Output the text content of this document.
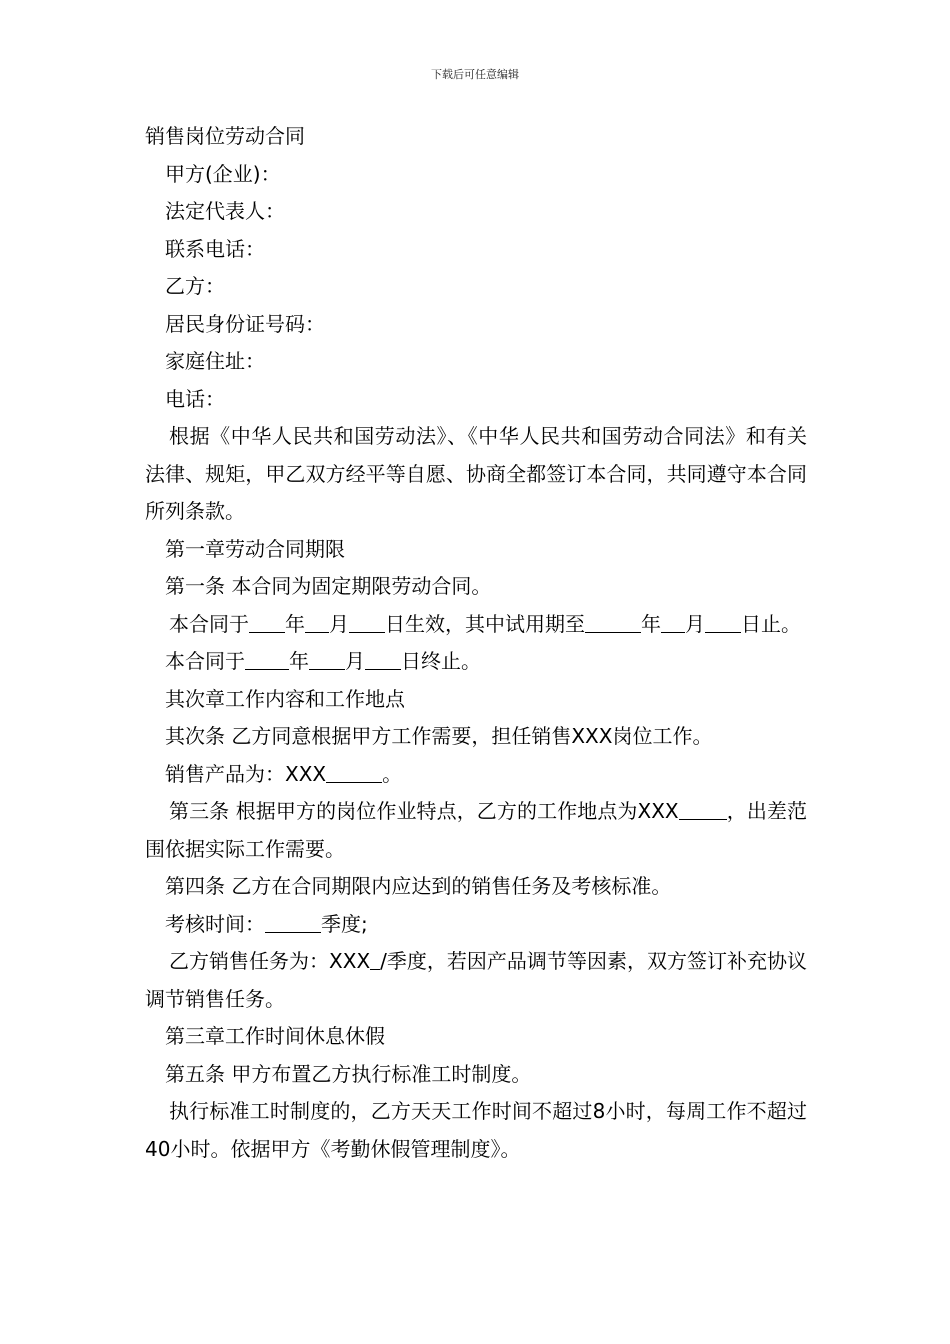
下载后可任意编辑
销售岗位劳动合同
甲方(企业)：
法定代表人：
联系电话：
乙方：
居民身份证号码：
家庭住址：
电话：
根据《中华人民共和国劳动法》、《中华人民共和国劳动合同法》和有关法律、规矩，甲乙双方经平等自愿、协商全都签订本合同，共同遵守本合同所列条款。
第一章劳动合同期限
第一条 本合同为固定期限劳动合同。
本合同于 年 月 日生效，其中试用期至	年 月 日止。
本合同于 年 月 日终止。
其次章工作内容和工作地点
其次条 乙方同意根据甲方工作需要，担任销售XXX岗位工作。
销售产品为：XXX	。
第三条 根据甲方的岗位作业特点，乙方的工作地点为XXX ，出差范围依据实际工作需要。
第四条 乙方在合同期限内应达到的销售任务及考核标准。
考核时间：	季度;
乙方销售任务为：XXX /季度，若因产品调节等因素，双方签订补充协议调节销售任务。
第三章工作时间休息休假
第五条 甲方布置乙方执行标准工时制度。
执行标准工时制度的，乙方天天工作时间不超过8小时，每周工作不超过40小时。依据甲方《考勤休假管理制度》。
